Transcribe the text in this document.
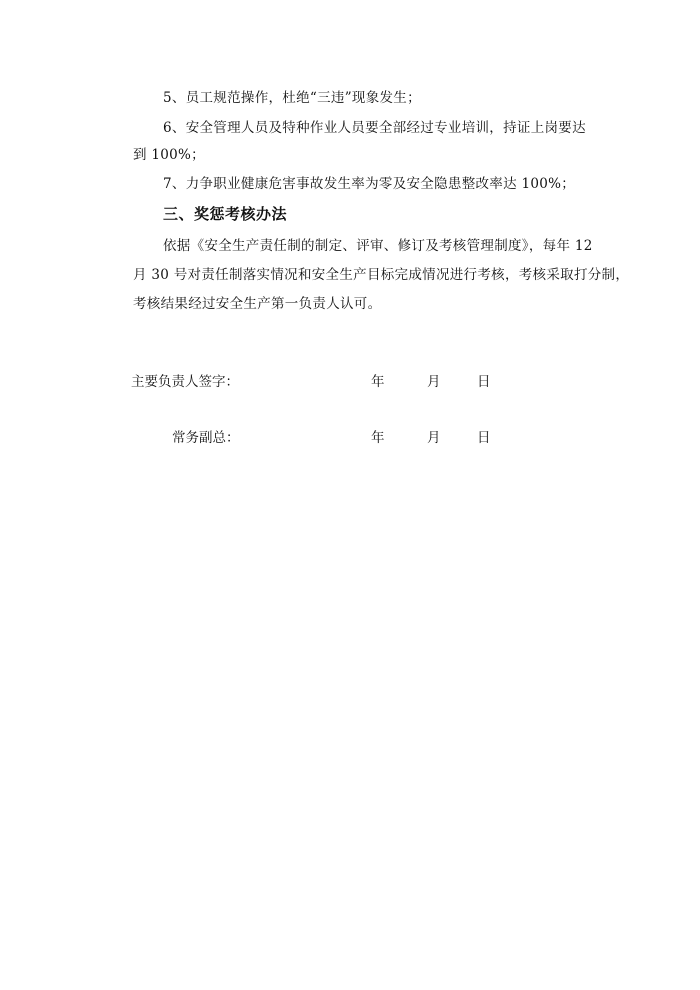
5、员工规范操作，杜绝“三违”现象发生；
6、安全管理人员及特种作业人员要全部经过专业培训，持证上岗要达
到 100%；
7、力争职业健康危害事故发生率为零及安全隐患整改率达 100%；
三、奖惩考核办法
依据《安全生产责任制的制定、评审、修订及考核管理制度》，每年 12
月 30 号对责任制落实情况和安全生产目标完成情况进行考核，考核采取打分制，
考核结果经过安全生产第一负责人认可。
主要负责人签字：	年	月	日
常务副总：	年	月	日
